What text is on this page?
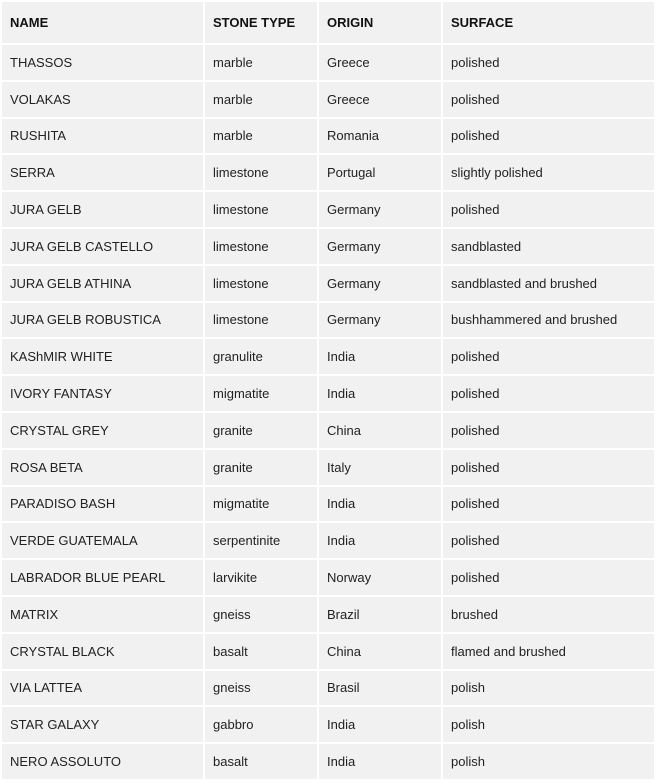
NAME	STONE TYPE	ORIGIN	SURFACE
THASSOS	marble	Greece	polished
VOLAKAS	marble	Greece	polished
RUSHITA	marble	Romania	polished
SERRA	limestone	Portugal	slightly polished
JURA GELB	limestone	Germany	polished
JURA GELB CASTELLO	limestone	Germany	sandblasted
JURA GELB ATHINA	limestone	Germany	sandblasted and brushed
JURA GELB ROBUSTICA	limestone	Germany	bushhammered and brushed
KAShMIR WHITE	granulite	India	polished
IVORY FANTASY	migmatite	India	polished
CRYSTAL GREY	granite	China	polished
ROSA BETA	granite	Italy	polished
PARADISO BASH	migmatite	India	polished
VERDE GUATEMALA	serpentinite	India	polished
LABRADOR BLUE PEARL	larvikite	Norway	polished
MATRIX	gneiss	Brazil	brushed
CRYSTAL BLACK	basalt	China	flamed and brushed
VIA LATTEA	gneiss	Brasil	polish
STAR GALAXY	gabbro	India	polish
NERO ASSOLUTO	basalt	India	polish
